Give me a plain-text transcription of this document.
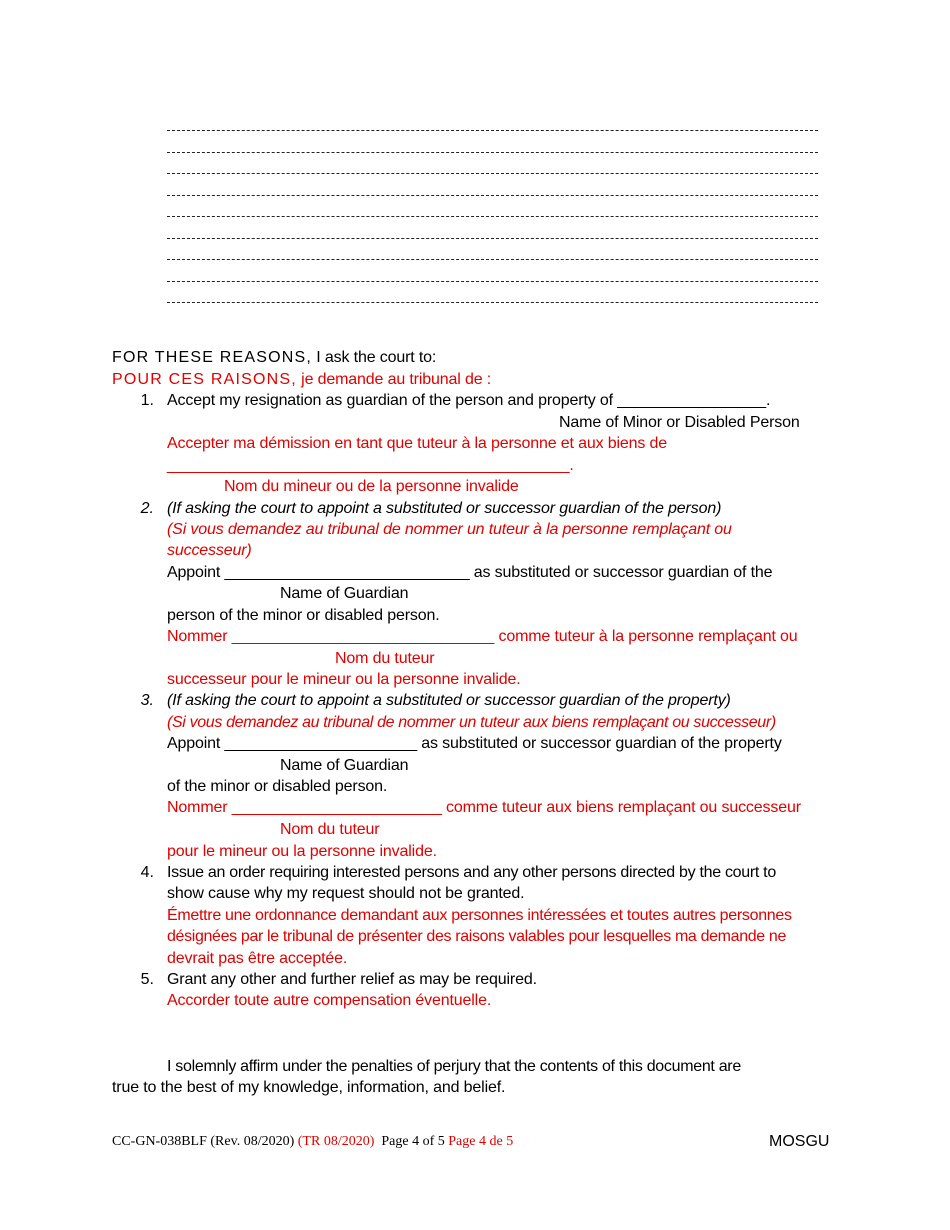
FOR THESE REASONS, I ask the court to:
POUR CES RAISONS, je demande au tribunal de :
1. Accept my resignation as guardian of the person and property of _________________.
Name of Minor or Disabled Person
Accepter ma démission en tant que tuteur à la personne et aux biens de
______________________________________________.
Nom du mineur ou de la personne invalide
2. (If asking the court to appoint a substituted or successor guardian of the person)
(Si vous demandez au tribunal de nommer un tuteur à la personne remplaçant ou
successeur)
Appoint ____________________________ as substituted or successor guardian of the
Name of Guardian
person of the minor or disabled person.
Nommer ______________________________ comme tuteur à la personne remplaçant ou
Nom du tuteur
successeur pour le mineur ou la personne invalide.
3. (If asking the court to appoint a substituted or successor guardian of the property)
(Si vous demandez au tribunal de nommer un tuteur aux biens remplaçant ou successeur)
Appoint ______________________ as substituted or successor guardian of the property
Name of Guardian
of the minor or disabled person.
Nommer ________________________ comme tuteur aux biens remplaçant ou successeur
Nom du tuteur
pour le mineur ou la personne invalide.
4. Issue an order requiring interested persons and any other persons directed by the court to
show cause why my request should not be granted.
Émettre une ordonnance demandant aux personnes intéressées et toutes autres personnes
désignées par le tribunal de présenter des raisons valables pour lesquelles ma demande ne
devrait pas être acceptée.
5. Grant any other and further relief as may be required.
Accorder toute autre compensation éventuelle.
I solemnly affirm under the penalties of perjury that the contents of this document are
true to the best of my knowledge, information, and belief.
CC-GN-038BLF (Rev. 08/2020) (TR 08/2020) Page 4 of 5 Page 4 de 5	MOSGU
